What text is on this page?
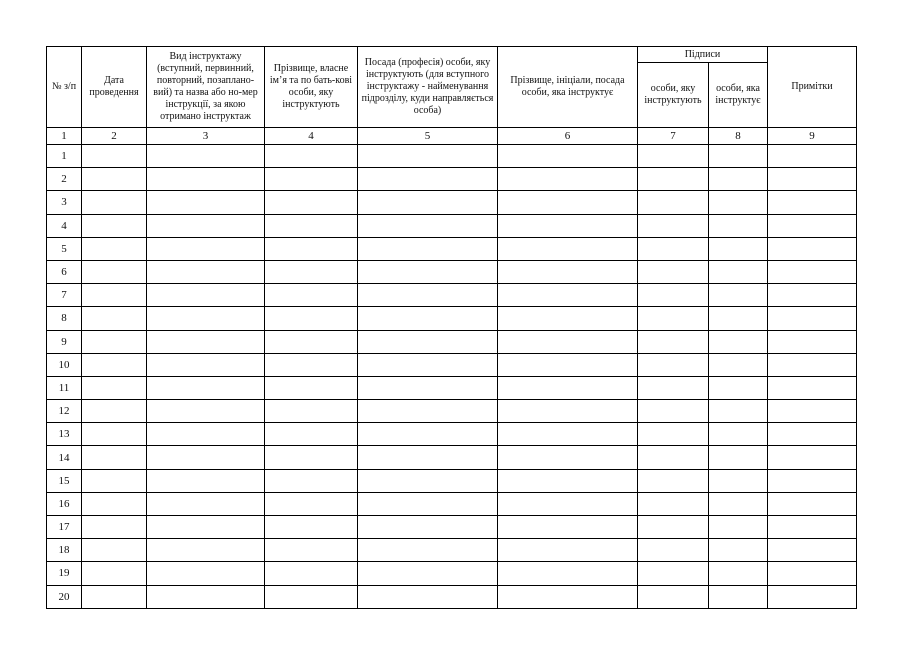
№ з/п	Дата проведення	Вид інструктажу (вступний, первинний, повторний, позаплано-вий) та назва або но-мер інструкції, за якою отримано інструктаж	Прізвище, власне ім’я та по бать-кові особи, яку інструктують	Посада (професія) особи, яку інструктують (для вступного інструктажу - найменування підрозділу, куди направляється особа)	Прізвище, ініціали, посада особи, яка інструктує	Підписи		Примітки
						особи, яку інструктують	особи, яка інструктує	
1	2	3	4	5	6	7	8	9
1								
2								
3								
4								
5								
6								
7								
8								
9								
10								
11								
12								
13								
14								
15								
16								
17								
18								
19								
20								
